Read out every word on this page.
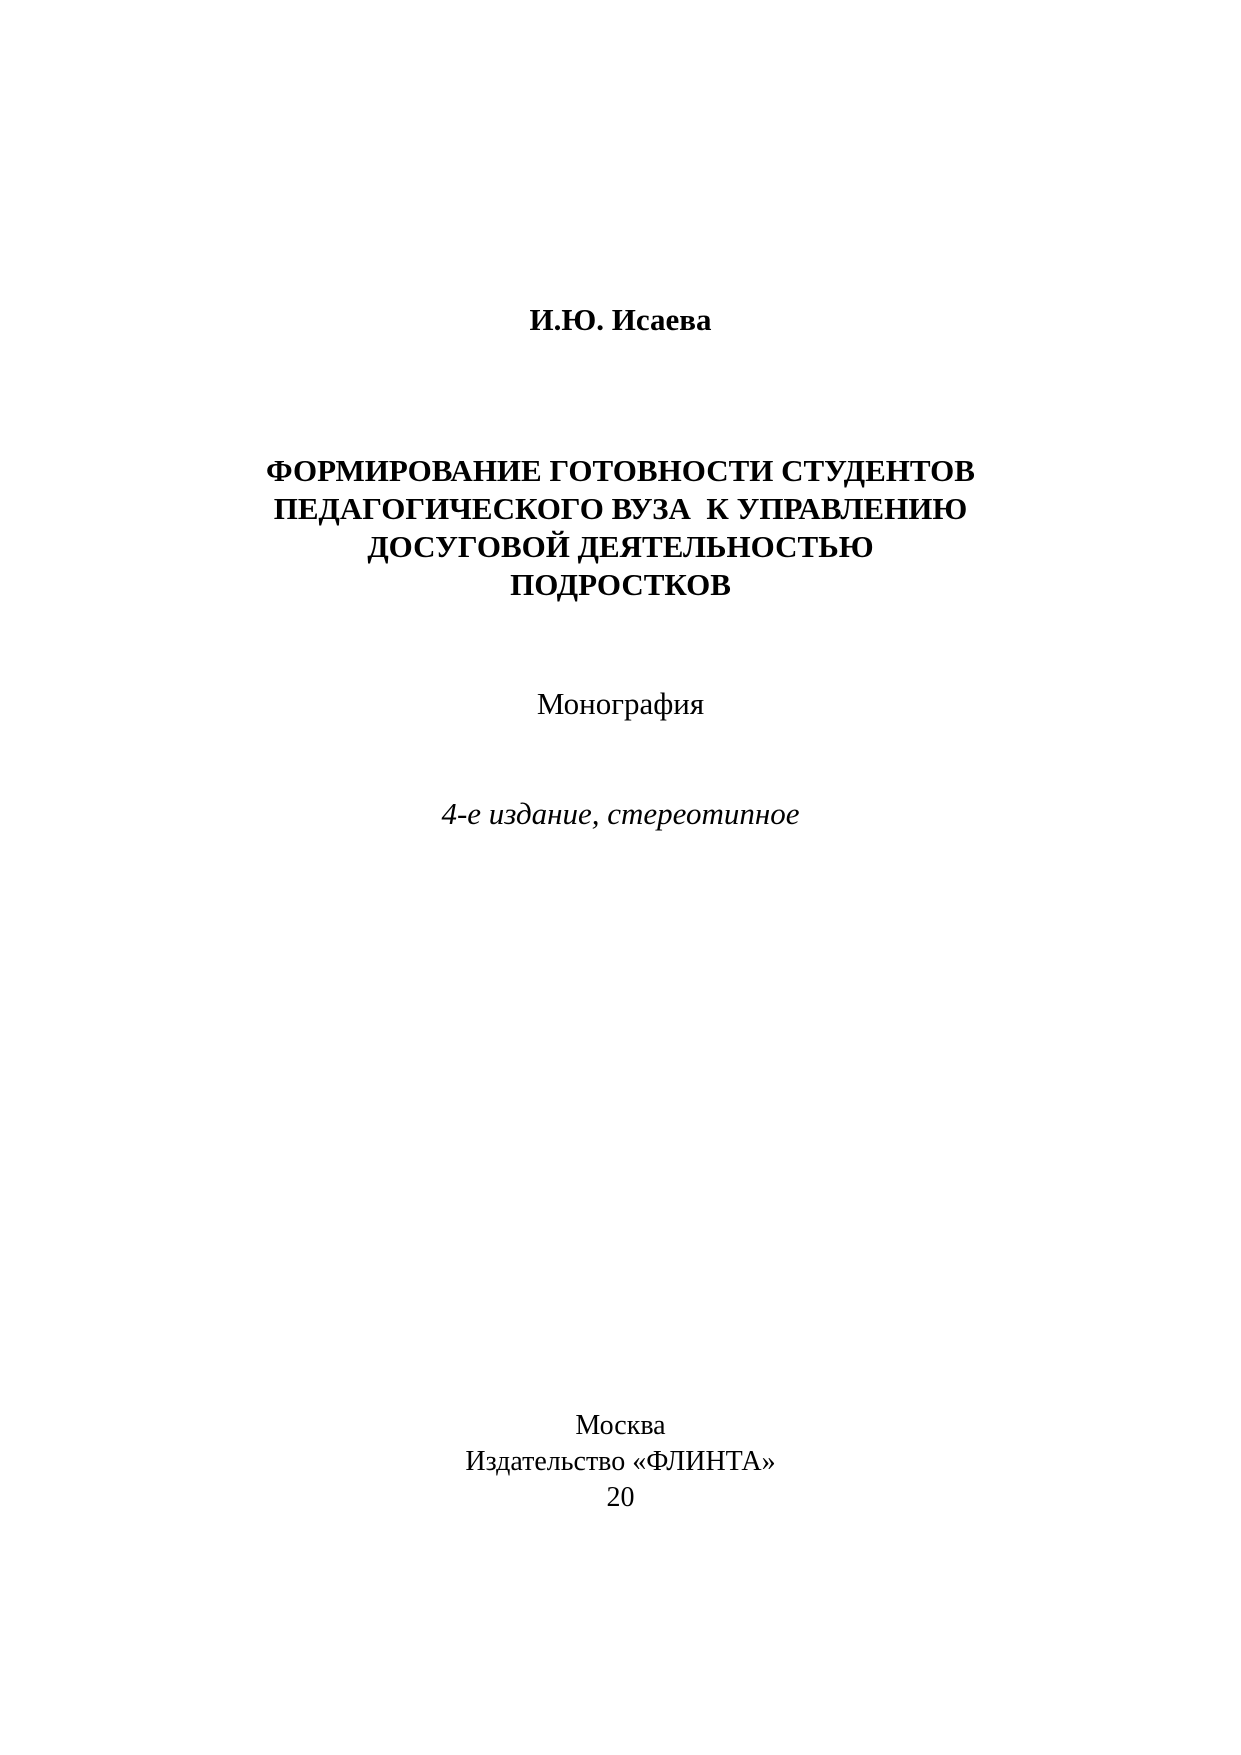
И.Ю. Исаева
ФОРМИРОВАНИЕ ГОТОВНОСТИ СТУДЕНТОВ
ПЕДАГОГИЧЕСКОГО ВУЗА  К УПРАВЛЕНИЮ
ДОСУГОВОЙ ДЕЯТЕЛЬНОСТЬЮ
ПОДРОСТКОВ
Монография
4-е издание, стереотипное
Москва
Издательство «ФЛИНТА»
20
